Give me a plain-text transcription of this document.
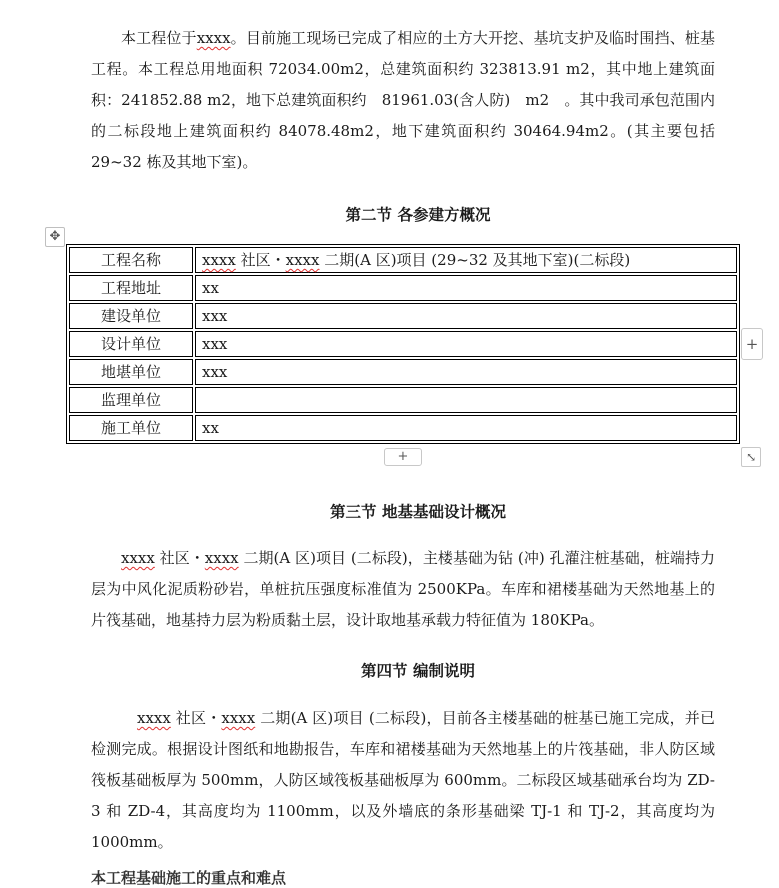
本工程位于xxxx。目前施工现场已完成了相应的土方大开挖、基坑支护及临时围挡、桩基工程。本工程总用地面积 72034.00m2，总建筑面积约 323813.91 m2，其中地上建筑面积：241852.88 m2，地下总建筑面积约　81961.03(含人防)　m2　。其中我司承包范围内的二标段地上建筑面积约 84078.48m2，地下建筑面积约 30464.94m2。(其主要包括 29~32 栋及其地下室)。

第二节 各参建方概况

✥
工程名称	xxxx 社区・xxxx 二期(A 区)项目 (29~32 及其地下室)(二标段)
工程地址	xx
建设单位	xxx
设计单位	xxx
地堪单位	xxx
监理单位	
施工单位	xx
+
+	⤡

第三节 地基基础设计概况

xxxx 社区・xxxx 二期(A 区)项目 (二标段)，主楼基础为钻 (冲) 孔灌注桩基础，桩端持力层为中风化泥质粉砂岩，单桩抗压强度标准值为 2500KPa。车库和裙楼基础为天然地基上的片筏基础，地基持力层为粉质黏土层，设计取地基承载力特征值为 180KPa。

第四节 编制说明

xxxx 社区・xxxx 二期(A 区)项目 (二标段)，目前各主楼基础的桩基已施工完成，并已检测完成。根据设计图纸和地勘报告，车库和裙楼基础为天然地基上的片筏基础，非人防区域筏板基础板厚为 500mm，人防区域筏板基础板厚为 600mm。二标段区域基础承台均为 ZD-3 和 ZD-4，其高度均为 1100mm，以及外墙底的条形基础梁 TJ-1 和 TJ-2，其高度均为 1000mm。

本工程基础施工的重点和难点
